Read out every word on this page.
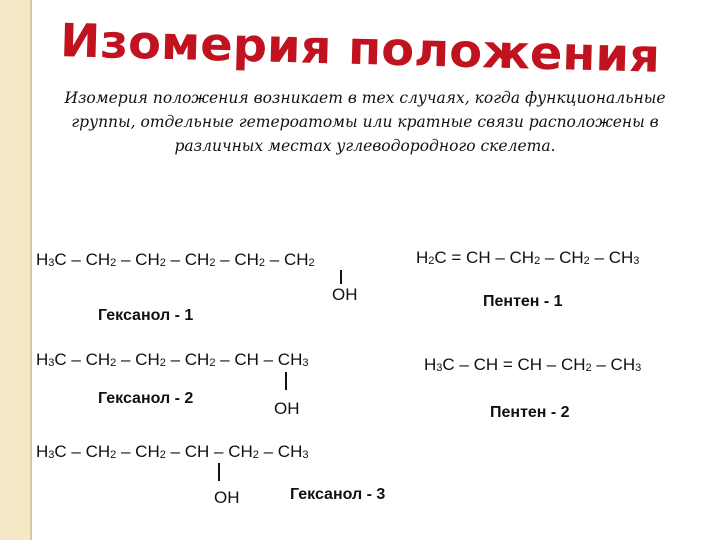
Изомерия положения
Изомерия положения возникает в тех случаях, когда функциональные
группы, отдельные гетероатомы или кратные связи расположены в
различных местах углеводородного скелета.
$H_3C - CH_2 - CH_2 - CH_2 - CH_2 - CH_2$
OH
Гексанол - 1
$H_3C - CH_2 - CH_2 - CH_2$ – CH – $CH_3$
OH
Гексанол - 2
$H_3C - CH_2 - CH_2$ – CH – $CH_2 - CH_3$
OH	Гексанол - 3
$H_2C$ = CH – $CH_2 - CH_2 - CH_3$
Пентен - 1
$H_3C$ – CH = CH – $CH_2 - CH_3$
Пентен - 2
